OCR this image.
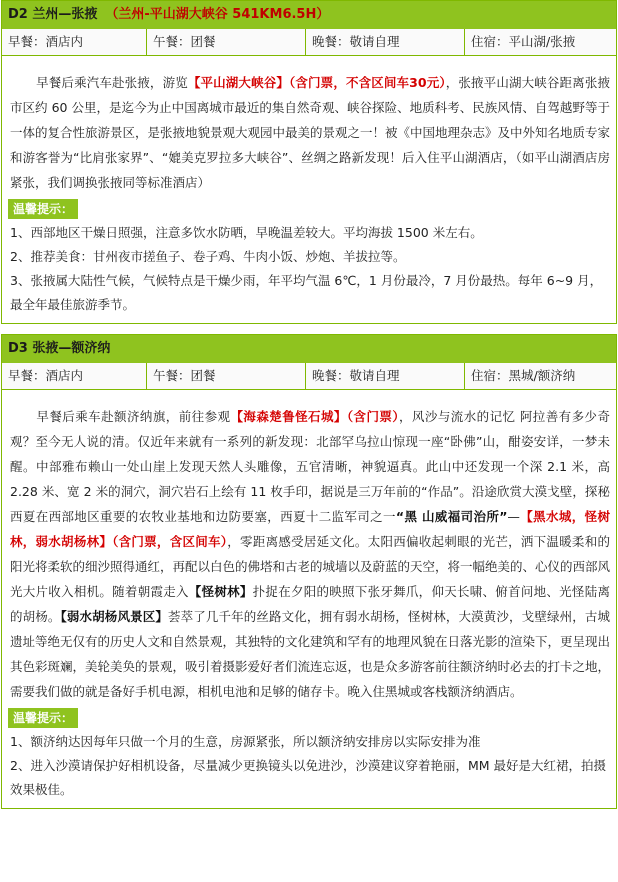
D2 兰州—张掖 （兰州-平山湖大峡谷 541KM6.5H）
早餐：酒店内	午餐：团餐	晚餐：敬请自理	住宿：平山湖/张掖
早餐后乘汽车赴张掖，游览【平山湖大峡谷】（含门票，不含区间车30元），张掖平山湖大峡谷距离张掖市区约 60 公里，是迄今为止中国离城市最近的集自然奇观、峡谷探险、地质科考、民族风情、自驾越野等于一体的复合性旅游景区，是张掖地貌景观大观园中最美的景观之一！被《中国地理杂志》及中外知名地质专家和游客誉为“比肩张家界”、“媲美克罗拉多大峡谷”、丝绸之路新发现！后入住平山湖酒店，（如平山湖酒店房紧张，我们调换张掖同等标准酒店）
温馨提示：

1、西部地区干燥日照强，注意多饮水防晒，早晚温差较大。平均海拔 1500 米左右。

2、推荐美食：甘州夜市搓鱼子、卷子鸡、牛肉小饭、炒炮、羊拔拉等。

3、张掖属大陆性气候，气候特点是干燥少雨，年平均气温 6℃，1 月份最冷，7 月份最热。每年 6~9 月，最全年最佳旅游季节。

D3 张掖—额济纳
早餐：酒店内	午餐：团餐	晚餐：敬请自理	住宿：黑城/额济纳
早餐后乘车赴额济纳旗，前往参观【海森楚鲁怪石城】（含门票），风沙与流水的记忆 阿拉善有多少奇观？至今无人说的清。仅近年来就有一系列的新发现：北部罕乌拉山惊现一座“卧佛”山，酣姿安详，一梦未醒。中部雅布赖山一处山崖上发现天然人头雕像，五官清晰，神貌逼真。此山中还发现一个深 2.1 米，高 2.28 米、宽 2 米的洞穴，洞穴岩石上绘有 11 枚手印，据说是三万年前的“作品”。沿途欣赏大漠戈壁，探秘西夏在西部地区重要的农牧业基地和边防要塞，西夏十二监军司之一“黑 山威福司治所”—【黑水城，怪树林，弱水胡杨林】（含门票，含区间车），零距离感受居延文化。太阳西偏收起刺眼的光芒，洒下温暖柔和的阳光将柔软的细沙照得通红，再配以白色的佛塔和古老的城墙以及蔚蓝的天空，将一幅绝美的、心仪的西部风光大片收入相机。随着朝霞走入【怪树林】扑捉在夕阳的映照下张牙舞爪，仰天长啸、俯首问地、光怪陆离的胡杨。【弱水胡杨风景区】荟萃了几千年的丝路文化，拥有弱水胡杨，怪树林，大漠黄沙，戈壁绿州，古城遗址等绝无仅有的历史人文和自然景观，其独特的文化建筑和罕有的地理风貌在日落光影的渲染下，更呈现出其色彩斑斓，美轮美奂的景观，吸引着摄影爱好者们流连忘返，也是众多游客前往额济纳时必去的打卡之地，需要我们做的就是备好手机电源，相机电池和足够的储存卡。晚入住黑城或客栈额济纳酒店。
温馨提示：

1、额济纳达因每年只做一个月的生意，房源紧张，所以额济纳安排房以实际安排为准

2、进入沙漠请保护好相机设备，尽量减少更换镜头以免进沙，沙漠建议穿着艳丽，MM 最好是大红裙，拍摄效果极佳。
